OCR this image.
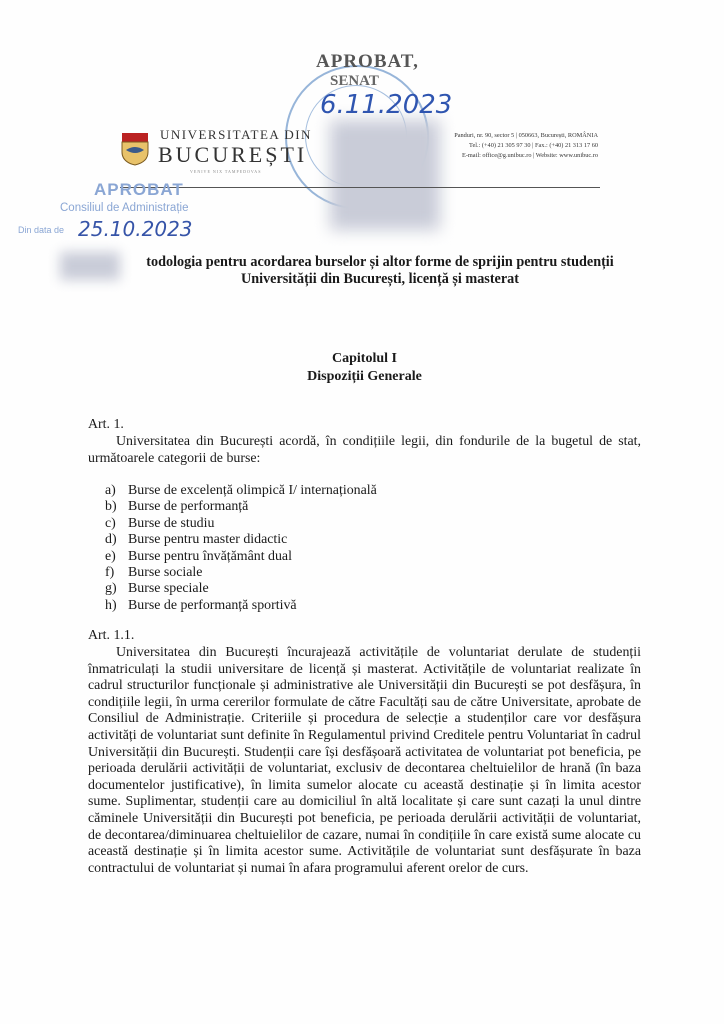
APROBAT,
SENAT
6.11.2023
UNIVERSITATEA DIN
BUCUREȘTI
VENIVE NIX TAMPEDOVAS
Panduri, nr. 90, sector 5 | 050663, București, ROMÂNIA
Tel.: (+40) 21 305 97 30 | Fax.: (+40) 21 313 17 60
E-mail: office@g.unibuc.ro | Website: www.unibuc.ro
APROBAT
Consiliul de Administrație
Din data de 25.10.2023
todologia pentru acordarea burselor și altor forme de sprijin pentru studenții
Universității din București, licență și masterat
Capitolul I
Dispoziții Generale
Art. 1.
Universitatea din București acordă, în condițiile legii, din fondurile de la bugetul de stat, următoarele categorii de burse:
a) Burse de excelență olimpică I/ internațională
b) Burse de performanță
c) Burse de studiu
d) Burse pentru master didactic
e) Burse pentru învățământ dual
f) Burse sociale
g) Burse speciale
h) Burse de performanță sportivă
Art. 1.1.
Universitatea din București încurajează activitățile de voluntariat derulate de studenții înmatriculați la studii universitare de licență și masterat. Activitățile de voluntariat realizate în cadrul structurilor funcționale și administrative ale Universității din București se pot desfășura, în condițiile legii, în urma cererilor formulate de către Facultăți sau de către Universitate, aprobate de Consiliul de Administrație. Criteriile și procedura de selecție a studenților care vor desfășura activități de voluntariat sunt definite în Regulamentul privind Creditele pentru Voluntariat în cadrul Universității din București. Studenții care își desfășoară activitatea de voluntariat pot beneficia, pe perioada derulării activității de voluntariat, exclusiv de decontarea cheltuielilor de hrană (în baza documentelor justificative), în limita sumelor alocate cu această destinație și în limita acestor sume. Suplimentar, studenții care au domiciliul în altă localitate și care sunt cazați la unul dintre căminele Universității din București pot beneficia, pe perioada derulării activității de voluntariat, de decontarea/diminuarea cheltuielilor de cazare, numai în condițiile în care există sume alocate cu această destinație și în limita acestor sume. Activitățile de voluntariat sunt desfășurate în baza contractului de voluntariat și numai în afara programului aferent orelor de curs.
